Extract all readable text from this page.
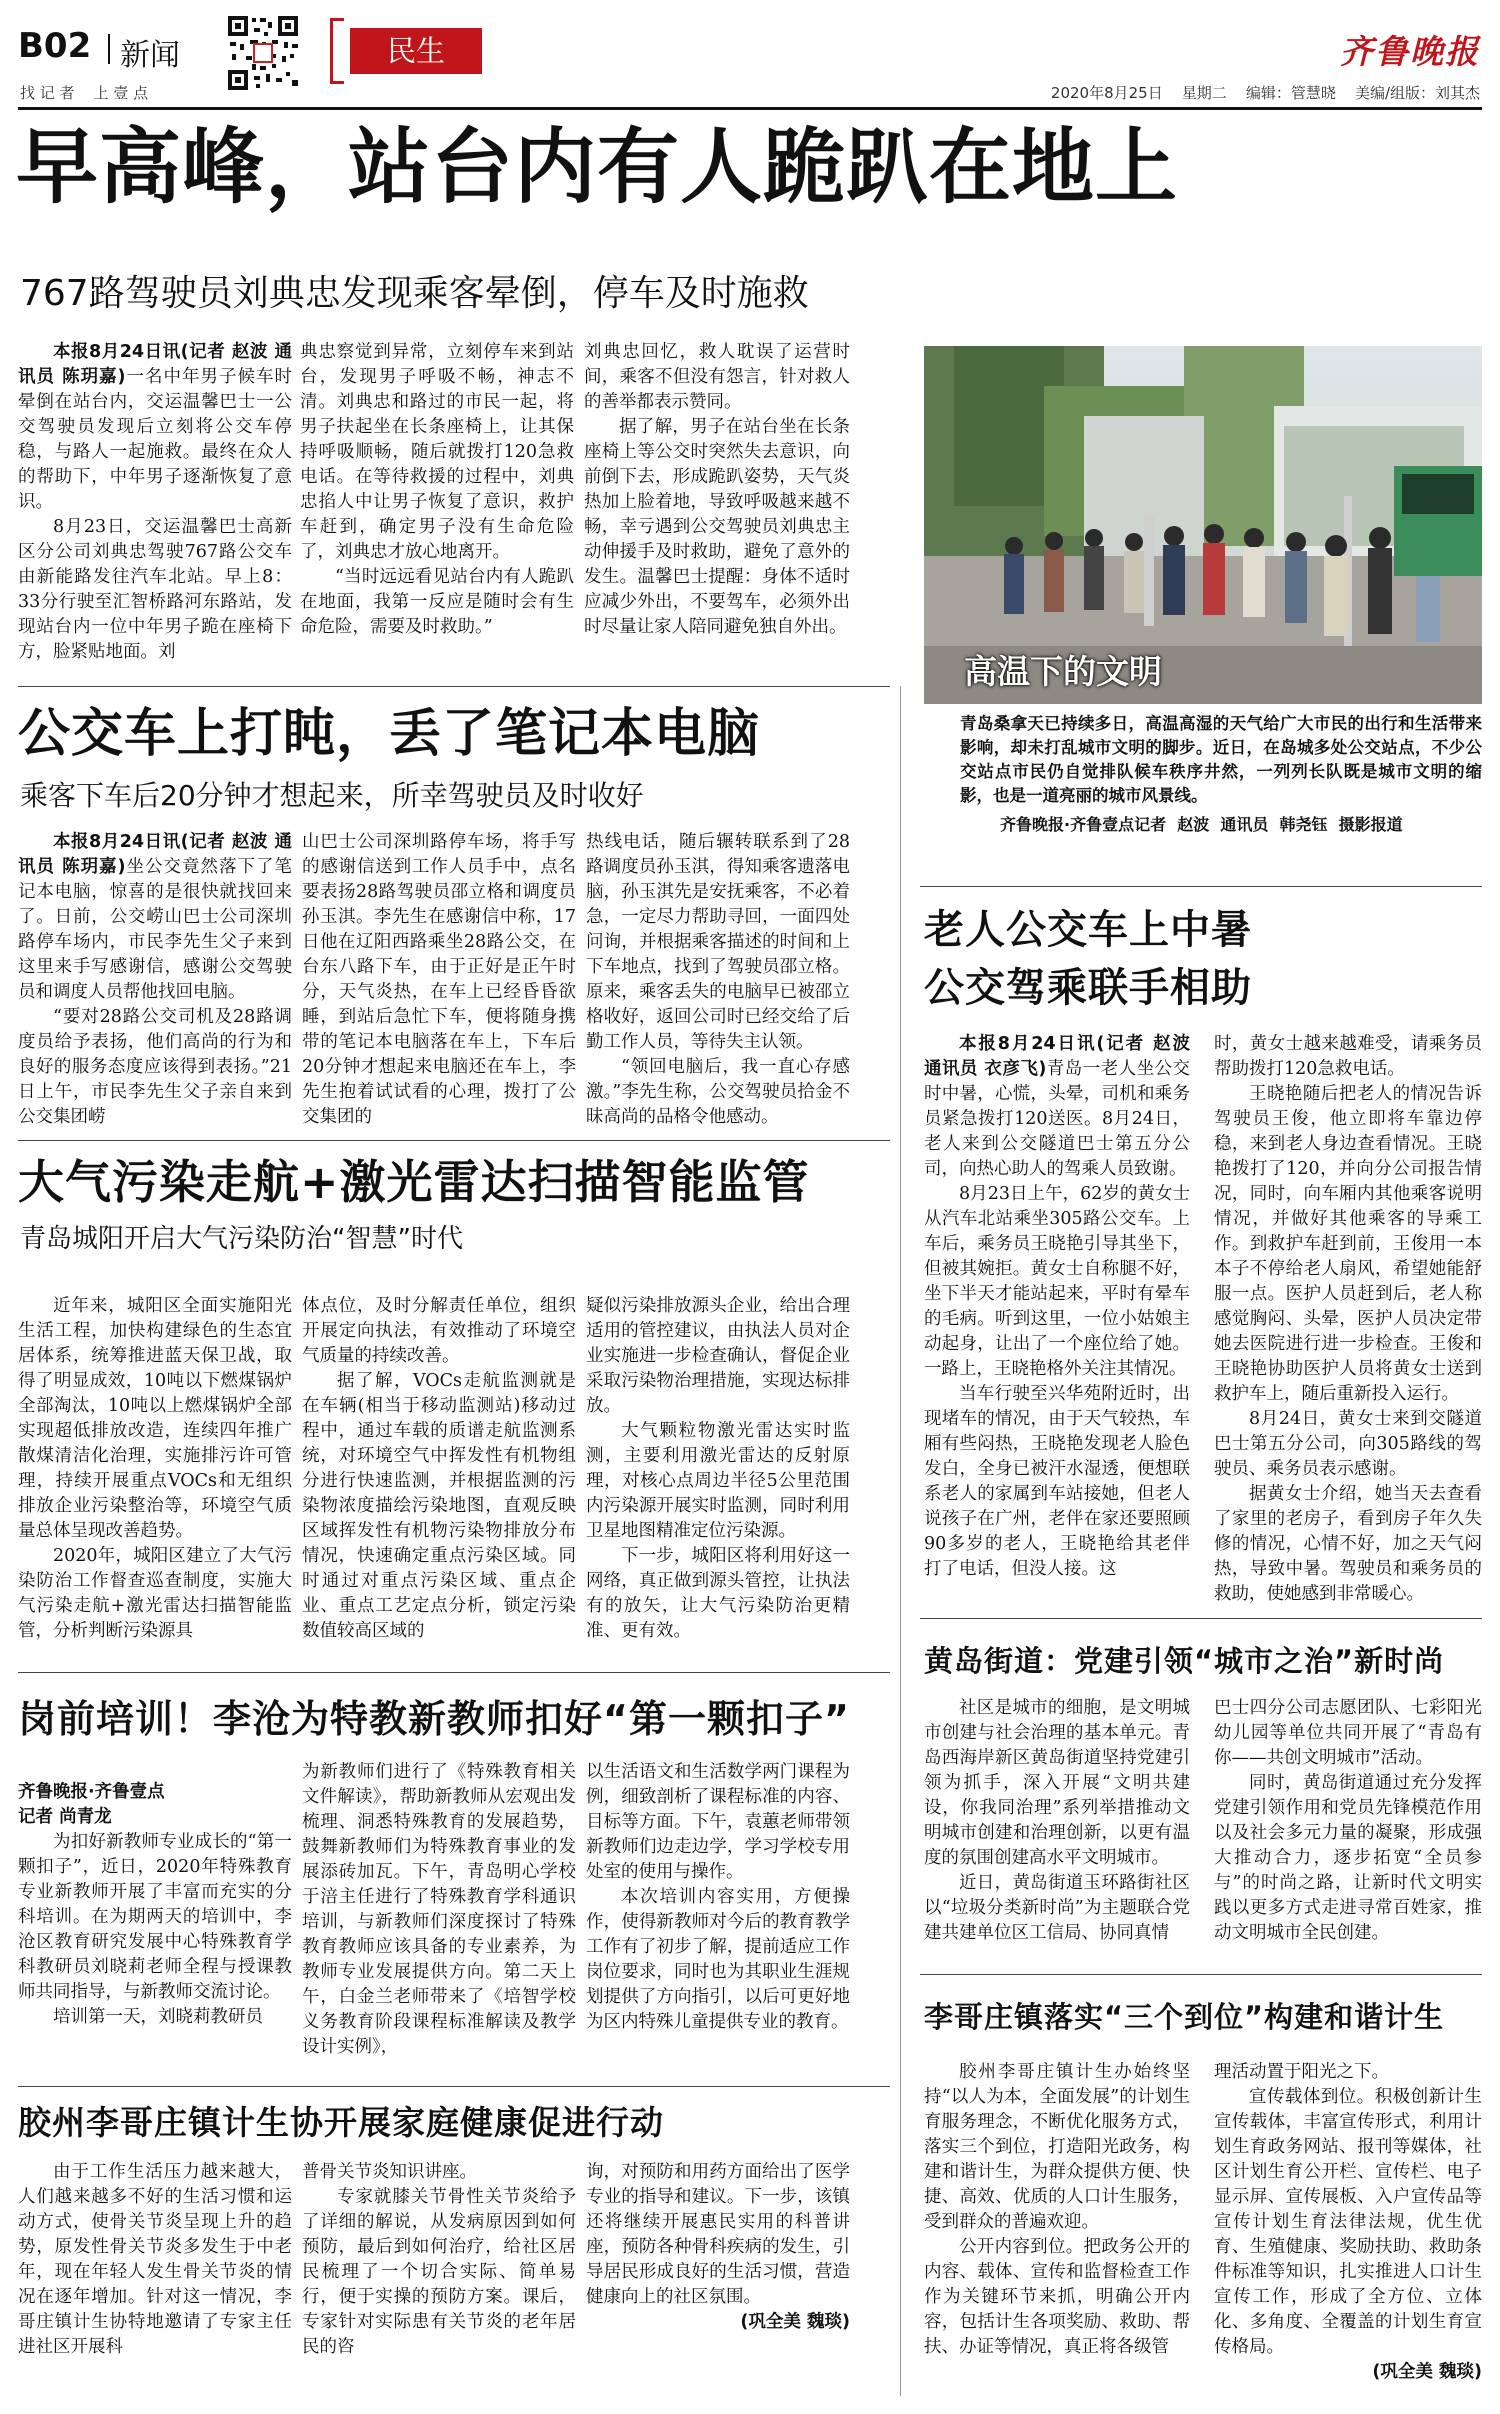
B02 新闻
找 记 者    上 壹 点
民生	齐鲁晚报
2020年8月25日    星期二    编辑：管慧晓    美编/组版：刘其杰
早高峰，站台内有人跪趴在地上
767路驾驶员刘典忠发现乘客晕倒，停车及时施救

本报8月24日讯(记者 赵波 通讯员 陈玥嘉)一名中年男子候车时晕倒在站台内，交运温馨巴士一公交驾驶员发现后立刻将公交车停稳，与路人一起施救。最终在众人的帮助下，中年男子逐渐恢复了意识。

8月23日，交运温馨巴士高新区分公司刘典忠驾驶767路公交车由新能路发往汽车北站。早上8：33分行驶至汇智桥路河东路站，发现站台内一位中年男子跪在座椅下方，脸紧贴地面。刘

典忠察觉到异常，立刻停车来到站台，发现男子呼吸不畅，神志不清。刘典忠和路过的市民一起，将男子扶起坐在长条座椅上，让其保持呼吸顺畅，随后就拨打120急救电话。在等待救援的过程中，刘典忠掐人中让男子恢复了意识，救护车赶到，确定男子没有生命危险了，刘典忠才放心地离开。

“当时远远看见站台内有人跪趴在地面，我第一反应是随时会有生命危险，需要及时救助。”

刘典忠回忆，救人耽误了运营时间，乘客不但没有怨言，针对救人的善举都表示赞同。

据了解，男子在站台坐在长条座椅上等公交时突然失去意识，向前倒下去，形成跪趴姿势，天气炎热加上脸着地，导致呼吸越来越不畅，幸亏遇到公交驾驶员刘典忠主动伸援手及时救助，避免了意外的发生。温馨巴士提醒：身体不适时应减少外出，不要驾车，必须外出时尽量让家人陪同避免独自外出。

高温下的文明
青岛桑拿天已持续多日，高温高湿的天气给广大市民的出行和生活带来影响，却未打乱城市文明的脚步。近日，在岛城多处公交站点，不少公交站点市民仍自觉排队候车秩序井然，一列列长队既是城市文明的缩影，也是一道亮丽的城市风景线。
齐鲁晚报·齐鲁壹点记者  赵波  通讯员  韩尧钰  摄影报道
公交车上打盹，丢了笔记本电脑
乘客下车后20分钟才想起来，所幸驾驶员及时收好

本报8月24日讯(记者 赵波 通讯员 陈玥嘉)坐公交竟然落下了笔记本电脑，惊喜的是很快就找回来了。日前，公交崂山巴士公司深圳路停车场内，市民李先生父子来到这里来手写感谢信，感谢公交驾驶员和调度人员帮他找回电脑。

“要对28路公交司机及28路调度员给予表扬，他们高尚的行为和良好的服务态度应该得到表扬。”21日上午，市民李先生父子亲自来到公交集团崂

山巴士公司深圳路停车场，将手写的感谢信送到工作人员手中，点名要表扬28路驾驶员邵立格和调度员孙玉淇。李先生在感谢信中称，17日他在辽阳西路乘坐28路公交，在台东八路下车，由于正好是正午时分，天气炎热，在车上已经昏昏欲睡，到站后急忙下车，便将随身携带的笔记本电脑落在车上，下车后20分钟才想起来电脑还在车上，李先生抱着试试看的心理，拨打了公交集团的

热线电话，随后辗转联系到了28路调度员孙玉淇，得知乘客遗落电脑，孙玉淇先是安抚乘客，不必着急，一定尽力帮助寻回，一面四处问询，并根据乘客描述的时间和上下车地点，找到了驾驶员邵立格。原来，乘客丢失的电脑早已被邵立格收好，返回公司时已经交给了后勤工作人员，等待失主认领。

“领回电脑后，我一直心存感激。”李先生称，公交驾驶员拾金不昧高尚的品格令他感动。

大气污染走航+激光雷达扫描智能监管
青岛城阳开启大气污染防治“智慧”时代

近年来，城阳区全面实施阳光生活工程，加快构建绿色的生态宜居体系，统筹推进蓝天保卫战，取得了明显成效，10吨以下燃煤锅炉全部淘汰，10吨以上燃煤锅炉全部实现超低排放改造，连续四年推广散煤清洁化治理，实施排污许可管理，持续开展重点VOCs和无组织排放企业污染整治等，环境空气质量总体呈现改善趋势。

2020年，城阳区建立了大气污染防治工作督查巡查制度，实施大气污染走航+激光雷达扫描智能监管，分析判断污染源具

体点位，及时分解责任单位，组织开展定向执法，有效推动了环境空气质量的持续改善。

据了解，VOCs走航监测就是在车辆(相当于移动监测站)移动过程中，通过车载的质谱走航监测系统，对环境空气中挥发性有机物组分进行快速监测，并根据监测的污染物浓度描绘污染地图，直观反映区域挥发性有机物污染物排放分布情况，快速确定重点污染区域。同时通过对重点污染区域、重点企业、重点工艺定点分析，锁定污染数值较高区域的

疑似污染排放源头企业，给出合理适用的管控建议，由执法人员对企业实施进一步检查确认，督促企业采取污染物治理措施，实现达标排放。

大气颗粒物激光雷达实时监测，主要利用激光雷达的反射原理，对核心点周边半径5公里范围内污染源开展实时监测，同时利用卫星地图精准定位污染源。

下一步，城阳区将利用好这一网络，真正做到源头管控，让执法有的放矢，让大气污染防治更精准、更有效。

岗前培训！李沧为特教新教师扣好“第一颗扣子”

齐鲁晚报·齐鲁壹点

记者 尚青龙

为扣好新教师专业成长的“第一颗扣子”，近日，2020年特殊教育专业新教师开展了丰富而充实的分科培训。在为期两天的培训中，李沧区教育研究发展中心特殊教育学科教研员刘晓莉老师全程与授课教师共同指导，与新教师交流讨论。

培训第一天，刘晓莉教研员

为新教师们进行了《特殊教育相关文件解读》，帮助新教师从宏观出发梳理、洞悉特殊教育的发展趋势，鼓舞新教师们为特殊教育事业的发展添砖加瓦。下午，青岛明心学校于涪主任进行了特殊教育学科通识培训，与新教师们深度探讨了特殊教育教师应该具备的专业素养，为教师专业发展提供方向。第二天上午，白金兰老师带来了《培智学校义务教育阶段课程标准解读及教学设计实例》，

以生活语文和生活数学两门课程为例，细致剖析了课程标准的内容、目标等方面。下午，袁蕙老师带领新教师们边走边学，学习学校专用处室的使用与操作。

本次培训内容实用，方便操作，使得新教师对今后的教育教学工作有了初步了解，提前适应工作岗位要求，同时也为其职业生涯规划提供了方向指引，以后可更好地为区内特殊儿童提供专业的教育。

胶州李哥庄镇计生协开展家庭健康促进行动

由于工作生活压力越来越大，人们越来越多不好的生活习惯和运动方式，使骨关节炎呈现上升的趋势，原发性骨关节炎多发生于中老年，现在年轻人发生骨关节炎的情况在逐年增加。针对这一情况，李哥庄镇计生协特地邀请了专家主任进社区开展科

普骨关节炎知识讲座。

专家就膝关节骨性关节炎给予了详细的解说，从发病原因到如何预防，最后到如何治疗，给社区居民梳理了一个切合实际、简单易行，便于实操的预防方案。课后，专家针对实际患有关节炎的老年居民的咨

询，对预防和用药方面给出了医学专业的指导和建议。下一步，该镇还将继续开展惠民实用的科普讲座，预防各种骨科疾病的发生，引导居民形成良好的生活习惯，营造健康向上的社区氛围。

(巩全美 魏琰)

老人公交车上中暑
公交驾乘联手相助

本报8月24日讯(记者 赵波 通讯员 衣彦飞)青岛一老人坐公交时中暑，心慌，头晕，司机和乘务员紧急拨打120送医。8月24日，老人来到公交隧道巴士第五分公司，向热心助人的驾乘人员致谢。

8月23日上午，62岁的黄女士从汽车北站乘坐305路公交车。上车后，乘务员王晓艳引导其坐下，但被其婉拒。黄女士自称腿不好，坐下半天才能站起来，平时有晕车的毛病。听到这里，一位小姑娘主动起身，让出了一个座位给了她。一路上，王晓艳格外关注其情况。

当车行驶至兴华苑附近时，出现堵车的情况，由于天气较热，车厢有些闷热，王晓艳发现老人脸色发白，全身已被汗水湿透，便想联系老人的家属到车站接她，但老人说孩子在广州，老伴在家还要照顾90多岁的老人，王晓艳给其老伴打了电话，但没人接。这

时，黄女士越来越难受，请乘务员帮助拨打120急救电话。

王晓艳随后把老人的情况告诉驾驶员王俊，他立即将车靠边停稳，来到老人身边查看情况。王晓艳拨打了120，并向分公司报告情况，同时，向车厢内其他乘客说明情况，并做好其他乘客的导乘工作。到救护车赶到前，王俊用一本本子不停给老人扇风，希望她能舒服一点。医护人员赶到后，老人称感觉胸闷、头晕，医护人员决定带她去医院进行进一步检查。王俊和王晓艳协助医护人员将黄女士送到救护车上，随后重新投入运行。

8月24日，黄女士来到交隧道巴士第五分公司，向305路线的驾驶员、乘务员表示感谢。

据黄女士介绍，她当天去查看了家里的老房子，看到房子年久失修的情况，心情不好，加之天气闷热，导致中暑。驾驶员和乘务员的救助，使她感到非常暖心。

黄岛街道：党建引领“城市之治”新时尚

社区是城市的细胞，是文明城市创建与社会治理的基本单元。青岛西海岸新区黄岛街道坚持党建引领为抓手，深入开展“文明共建设，你我同治理”系列举措推动文明城市创建和治理创新，以更有温度的氛围创建高水平文明城市。

近日，黄岛街道玉环路街社区以“垃圾分类新时尚”为主题联合党建共建单位区工信局、协同真情

巴士四分公司志愿团队、七彩阳光幼儿园等单位共同开展了“青岛有你——共创文明城市”活动。

同时，黄岛街道通过充分发挥党建引领作用和党员先锋模范作用以及社会多元力量的凝聚，形成强大推动合力，逐步拓宽“全员参与”的时尚之路，让新时代文明实践以更多方式走进寻常百姓家，推动文明城市全民创建。

李哥庄镇落实“三个到位”构建和谐计生

胶州李哥庄镇计生办始终坚持“以人为本，全面发展”的计划生育服务理念，不断优化服务方式，落实三个到位，打造阳光政务，构建和谐计生，为群众提供方便、快捷、高效、优质的人口计生服务，受到群众的普遍欢迎。

公开内容到位。把政务公开的内容、载体、宣传和监督检查工作作为关键环节来抓，明确公开内容，包括计生各项奖励、救助、帮扶、办证等情况，真正将各级管

理活动置于阳光之下。

宣传载体到位。积极创新计生宣传载体，丰富宣传形式，利用计划生育政务网站、报刊等媒体，社区计划生育公开栏、宣传栏、电子显示屏、宣传展板、入户宣传品等宣传计划生育法律法规，优生优育、生殖健康、奖励扶助、救助条件标准等知识，扎实推进人口计生宣传工作，形成了全方位、立体化、多角度、全覆盖的计划生育宣传格局。

(巩全美 魏琰)
